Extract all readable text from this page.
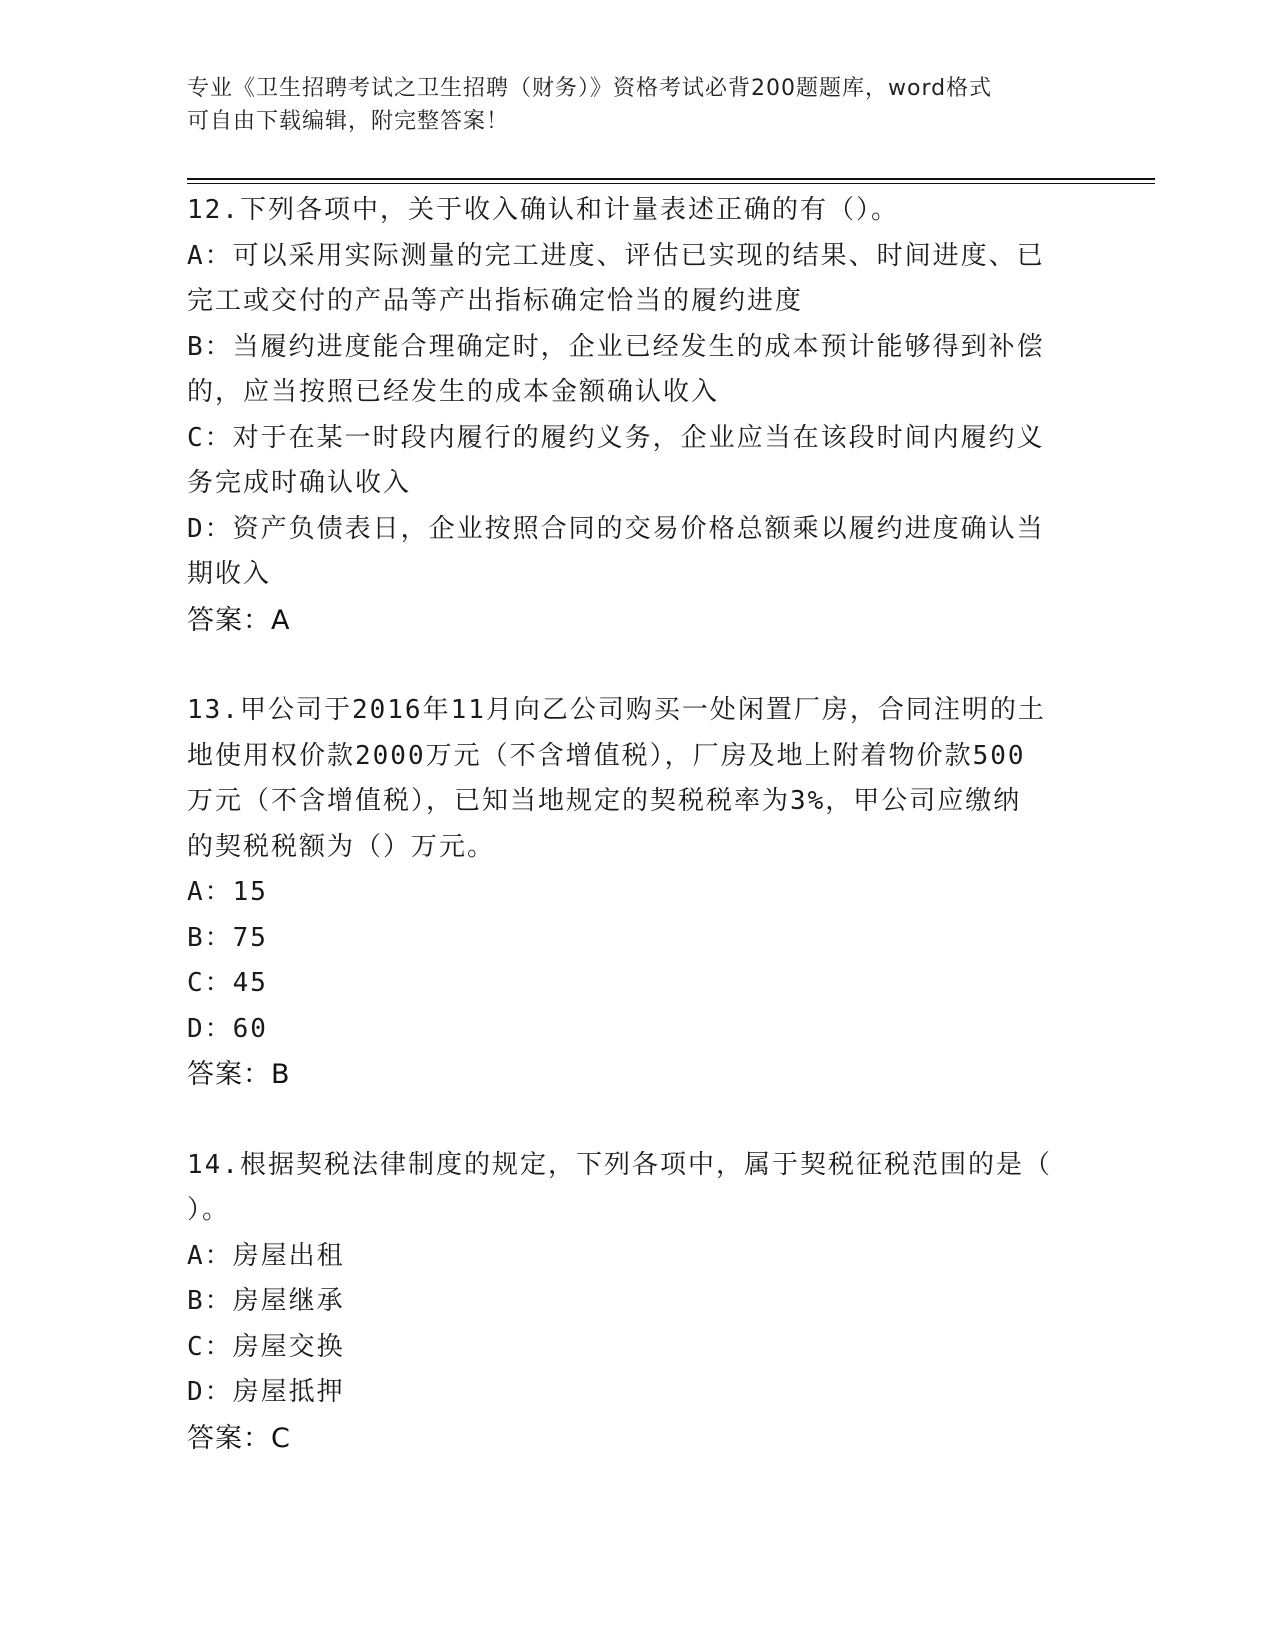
专业《卫生招聘考试之卫生招聘（财务）》资格考试必背200题题库，word格式
可自由下载编辑，附完整答案！
12.下列各项中，关于收入确认和计量表述正确的有（）。
A：可以采用实际测量的完工进度、评估已实现的结果、时间进度、已
完工或交付的产品等产出指标确定恰当的履约进度
B：当履约进度能合理确定时，企业已经发生的成本预计能够得到补偿
的，应当按照已经发生的成本金额确认收入
C：对于在某一时段内履行的履约义务，企业应当在该段时间内履约义
务完成时确认收入
D：资产负债表日，企业按照合同的交易价格总额乘以履约进度确认当
期收入
答案：A
13.甲公司于2016年11月向乙公司购买一处闲置厂房，合同注明的土
地使用权价款2000万元（不含增值税），厂房及地上附着物价款500
万元（不含增值税），已知当地规定的契税税率为3%，甲公司应缴纳
的契税税额为（）万元。
A：15
B：75
C：45
D：60
答案：B
14.根据契税法律制度的规定，下列各项中，属于契税征税范围的是（
）。
A：房屋出租
B：房屋继承
C：房屋交换
D：房屋抵押
答案：C
